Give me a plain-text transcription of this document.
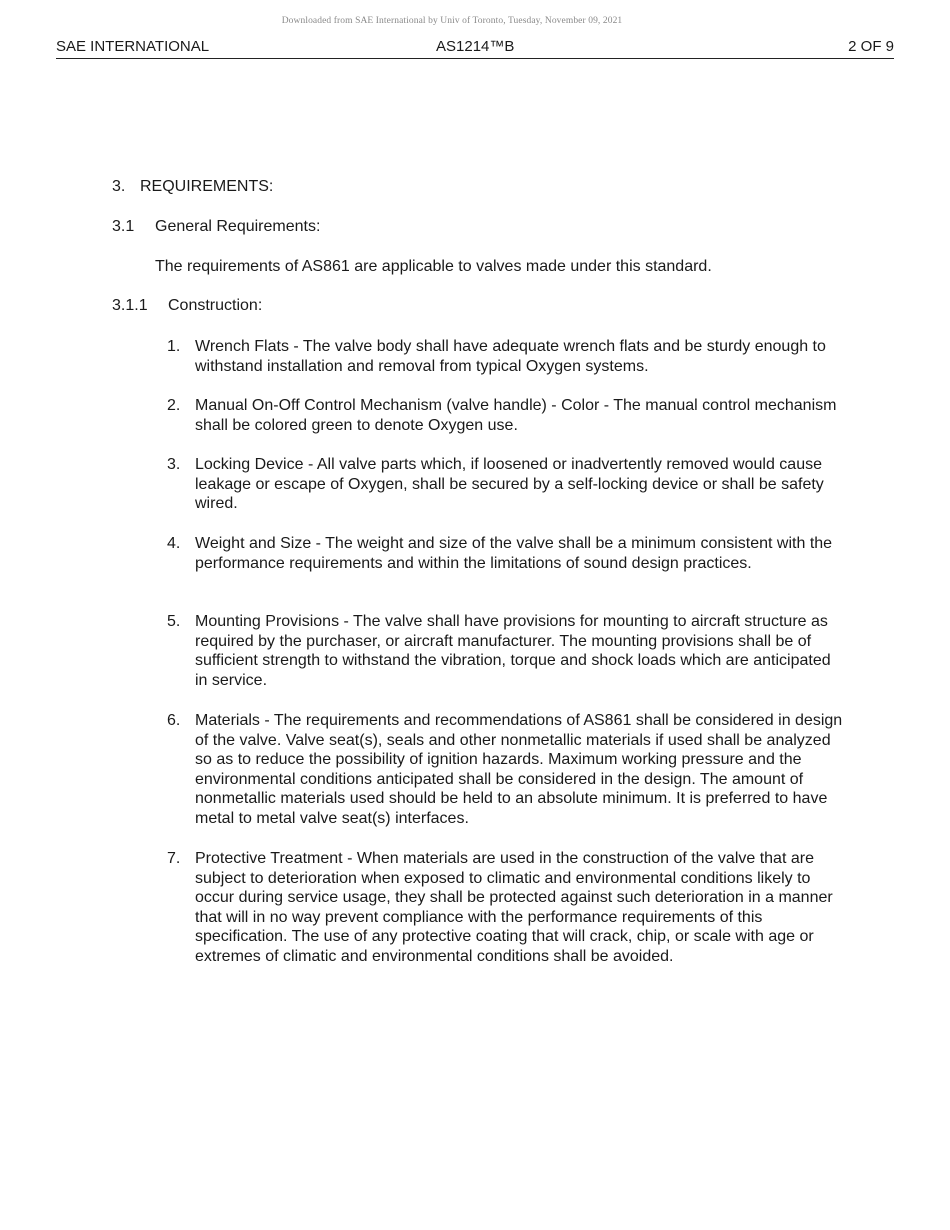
Downloaded from SAE International by Univ of Toronto, Tuesday, November 09, 2021
SAE INTERNATIONAL	AS1214™B	2 OF 9
3. REQUIREMENTS:
3.1 General Requirements:

The requirements of AS861 are applicable to valves made under this standard.

3.1.1 Construction:
1. Wrench Flats - The valve body shall have adequate wrench flats and be sturdy enough to withstand installation and removal from typical Oxygen systems.
2. Manual On-Off Control Mechanism (valve handle) - Color - The manual control mechanism shall be colored green to denote Oxygen use.
3. Locking Device - All valve parts which, if loosened or inadvertently removed would cause leakage or escape of Oxygen, shall be secured by a self-locking device or shall be safety wired.
4. Weight and Size - The weight and size of the valve shall be a minimum consistent with the performance requirements and within the limitations of sound design practices.
5. Mounting Provisions - The valve shall have provisions for mounting to aircraft structure as required by the purchaser, or aircraft manufacturer. The mounting provisions shall be of sufficient strength to withstand the vibration, torque and shock loads which are anticipated in service.
6. Materials - The requirements and recommendations of AS861 shall be considered in design of the valve. Valve seat(s), seals and other nonmetallic materials if used shall be analyzed so as to reduce the possibility of ignition hazards. Maximum working pressure and the environmental conditions anticipated shall be considered in the design. The amount of nonmetallic materials used should be held to an absolute minimum. It is preferred to have metal to metal valve seat(s) interfaces.
7. Protective Treatment - When materials are used in the construction of the valve that are subject to deterioration when exposed to climatic and environmental conditions likely to occur during service usage, they shall be protected against such deterioration in a manner that will in no way prevent compliance with the performance requirements of this specification. The use of any protective coating that will crack, chip, or scale with age or extremes of climatic and environmental conditions shall be avoided.
